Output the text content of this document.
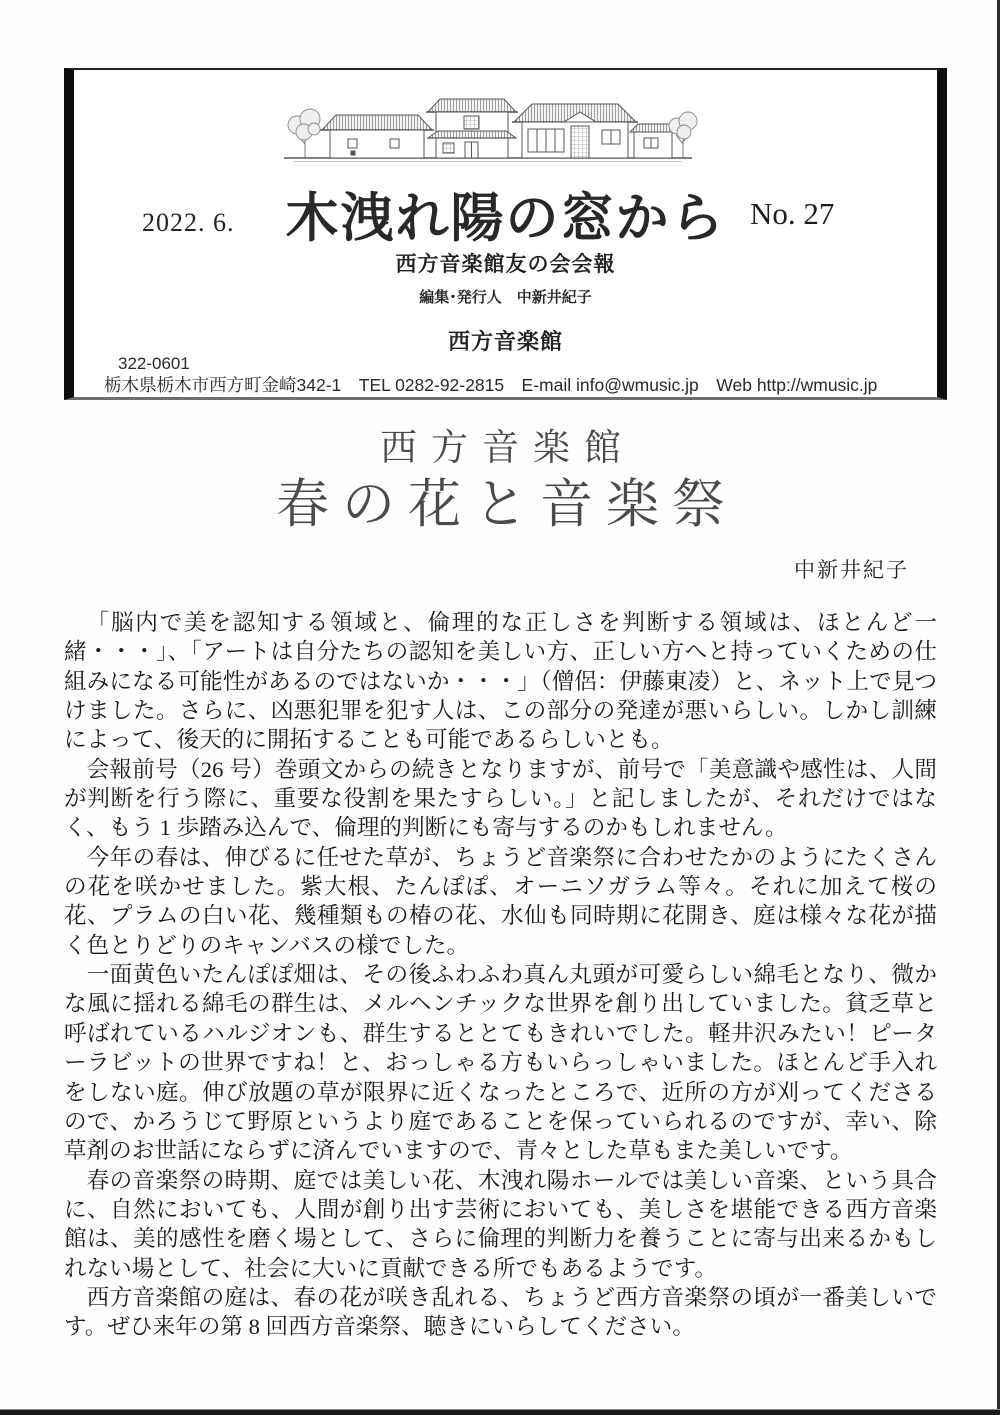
2022. 6. 木洩れ陽の窓から No. 27
西方音楽館友の会会報
編集･発行人　中新井紀子
西方音楽館
322-0601
栃木県栃木市西方町金崎342-1　TEL 0282-92-2815　E-mail info@wmusic.jp　Web http://wmusic.jp
西方音楽館
春の花と音楽祭
中新井紀子

「脳内で美を認知する領域と、倫理的な正しさを判断する領域は、ほとんど一緒・・・」、「アートは自分たちの認知を美しい方、正しい方へと持っていくための仕組みになる可能性があるのではないか・・・」（僧侶：伊藤東凌）と、ネット上で見つけました。さらに、凶悪犯罪を犯す人は、この部分の発達が悪いらしい。しかし訓練によって、後天的に開拓することも可能であるらしいとも。

会報前号（26 号）巻頭文からの続きとなりますが、前号で「美意識や感性は、人間が判断を行う際に、重要な役割を果たすらしい。」と記しましたが、それだけではなく、もう 1 歩踏み込んで、倫理的判断にも寄与するのかもしれません。

今年の春は、伸びるに任せた草が、ちょうど音楽祭に合わせたかのようにたくさんの花を咲かせました。紫大根、たんぽぽ、オーニソガラム等々。それに加えて桜の花、プラムの白い花、幾種類もの椿の花、水仙も同時期に花開き、庭は様々な花が描く色とりどりのキャンバスの様でした。

一面黄色いたんぽぽ畑は、その後ふわふわ真ん丸頭が可愛らしい綿毛となり、微かな風に揺れる綿毛の群生は、メルヘンチックな世界を創り出していました。貧乏草と呼ばれているハルジオンも、群生するととてもきれいでした。軽井沢みたい！ピーターラビットの世界ですね！と、おっしゃる方もいらっしゃいました。ほとんど手入れをしない庭。伸び放題の草が限界に近くなったところで、近所の方が刈ってくださるので、かろうじて野原というより庭であることを保っていられるのですが、幸い、除草剤のお世話にならずに済んでいますので、青々とした草もまた美しいです。

春の音楽祭の時期、庭では美しい花、木洩れ陽ホールでは美しい音楽、という具合に、自然においても、人間が創り出す芸術においても、美しさを堪能できる西方音楽館は、美的感性を磨く場として、さらに倫理的判断力を養うことに寄与出来るかもしれない場として、社会に大いに貢献できる所でもあるようです。

西方音楽館の庭は、春の花が咲き乱れる、ちょうど西方音楽祭の頃が一番美しいです。ぜひ来年の第 8 回西方音楽祭、聴きにいらしてください。
